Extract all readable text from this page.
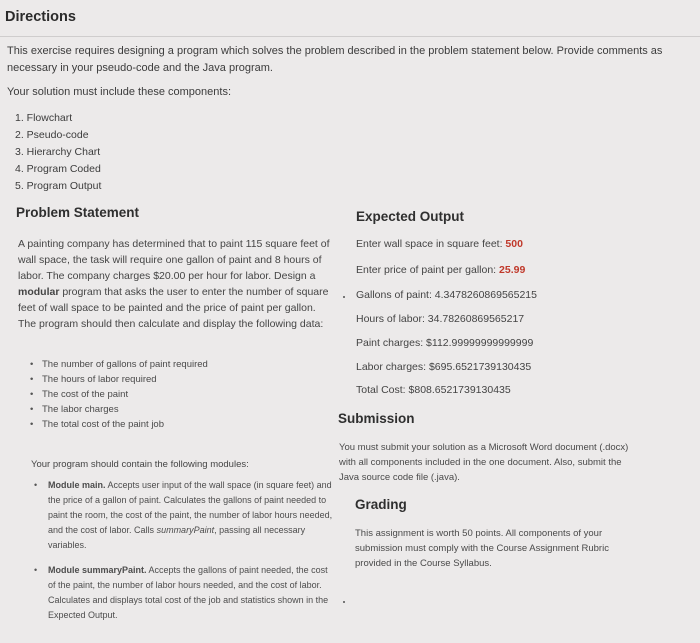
Directions
This exercise requires designing a program which solves the problem described in the problem statement below. Provide comments as necessary in your pseudo-code and the Java program.
Your solution must include these components:
1. Flowchart
2. Pseudo-code
3. Hierarchy Chart
4. Program Coded
5. Program Output
Problem Statement
A painting company has determined that to paint 115 square feet of wall space, the task will require one gallon of paint and 8 hours of labor. The company charges $20.00 per hour for labor. Design a modular program that asks the user to enter the number of square feet of wall space to be painted and the price of paint per gallon. The program should then calculate and display the following data:
• The number of gallons of paint required
• The hours of labor required
• The cost of the paint
• The labor charges
• The total cost of the paint job
Your program should contain the following modules:
• Module main. Accepts user input of the wall space (in square feet) and the price of a gallon of paint. Calculates the gallons of paint needed to paint the room, the cost of the paint, the number of labor hours needed, and the cost of labor. Calls summaryPaint, passing all necessary variables.
• Module summaryPaint. Accepts the gallons of paint needed, the cost of the paint, the number of labor hours needed, and the cost of labor. Calculates and displays total cost of the job and statistics shown in the Expected Output.
Expected Output
Enter wall space in square feet: 500
Enter price of paint per gallon: 25.99
Gallons of paint: 4.3478260869565215
Hours of labor: 34.78260869565217
Paint charges: $112.99999999999999
Labor charges: $695.6521739130435
Total Cost: $808.6521739130435
Submission
You must submit your solution as a Microsoft Word document (.docx) with all components included in the one document. Also, submit the Java source code file (.java).
Grading
This assignment is worth 50 points. All components of your submission must comply with the Course Assignment Rubric provided in the Course Syllabus.
